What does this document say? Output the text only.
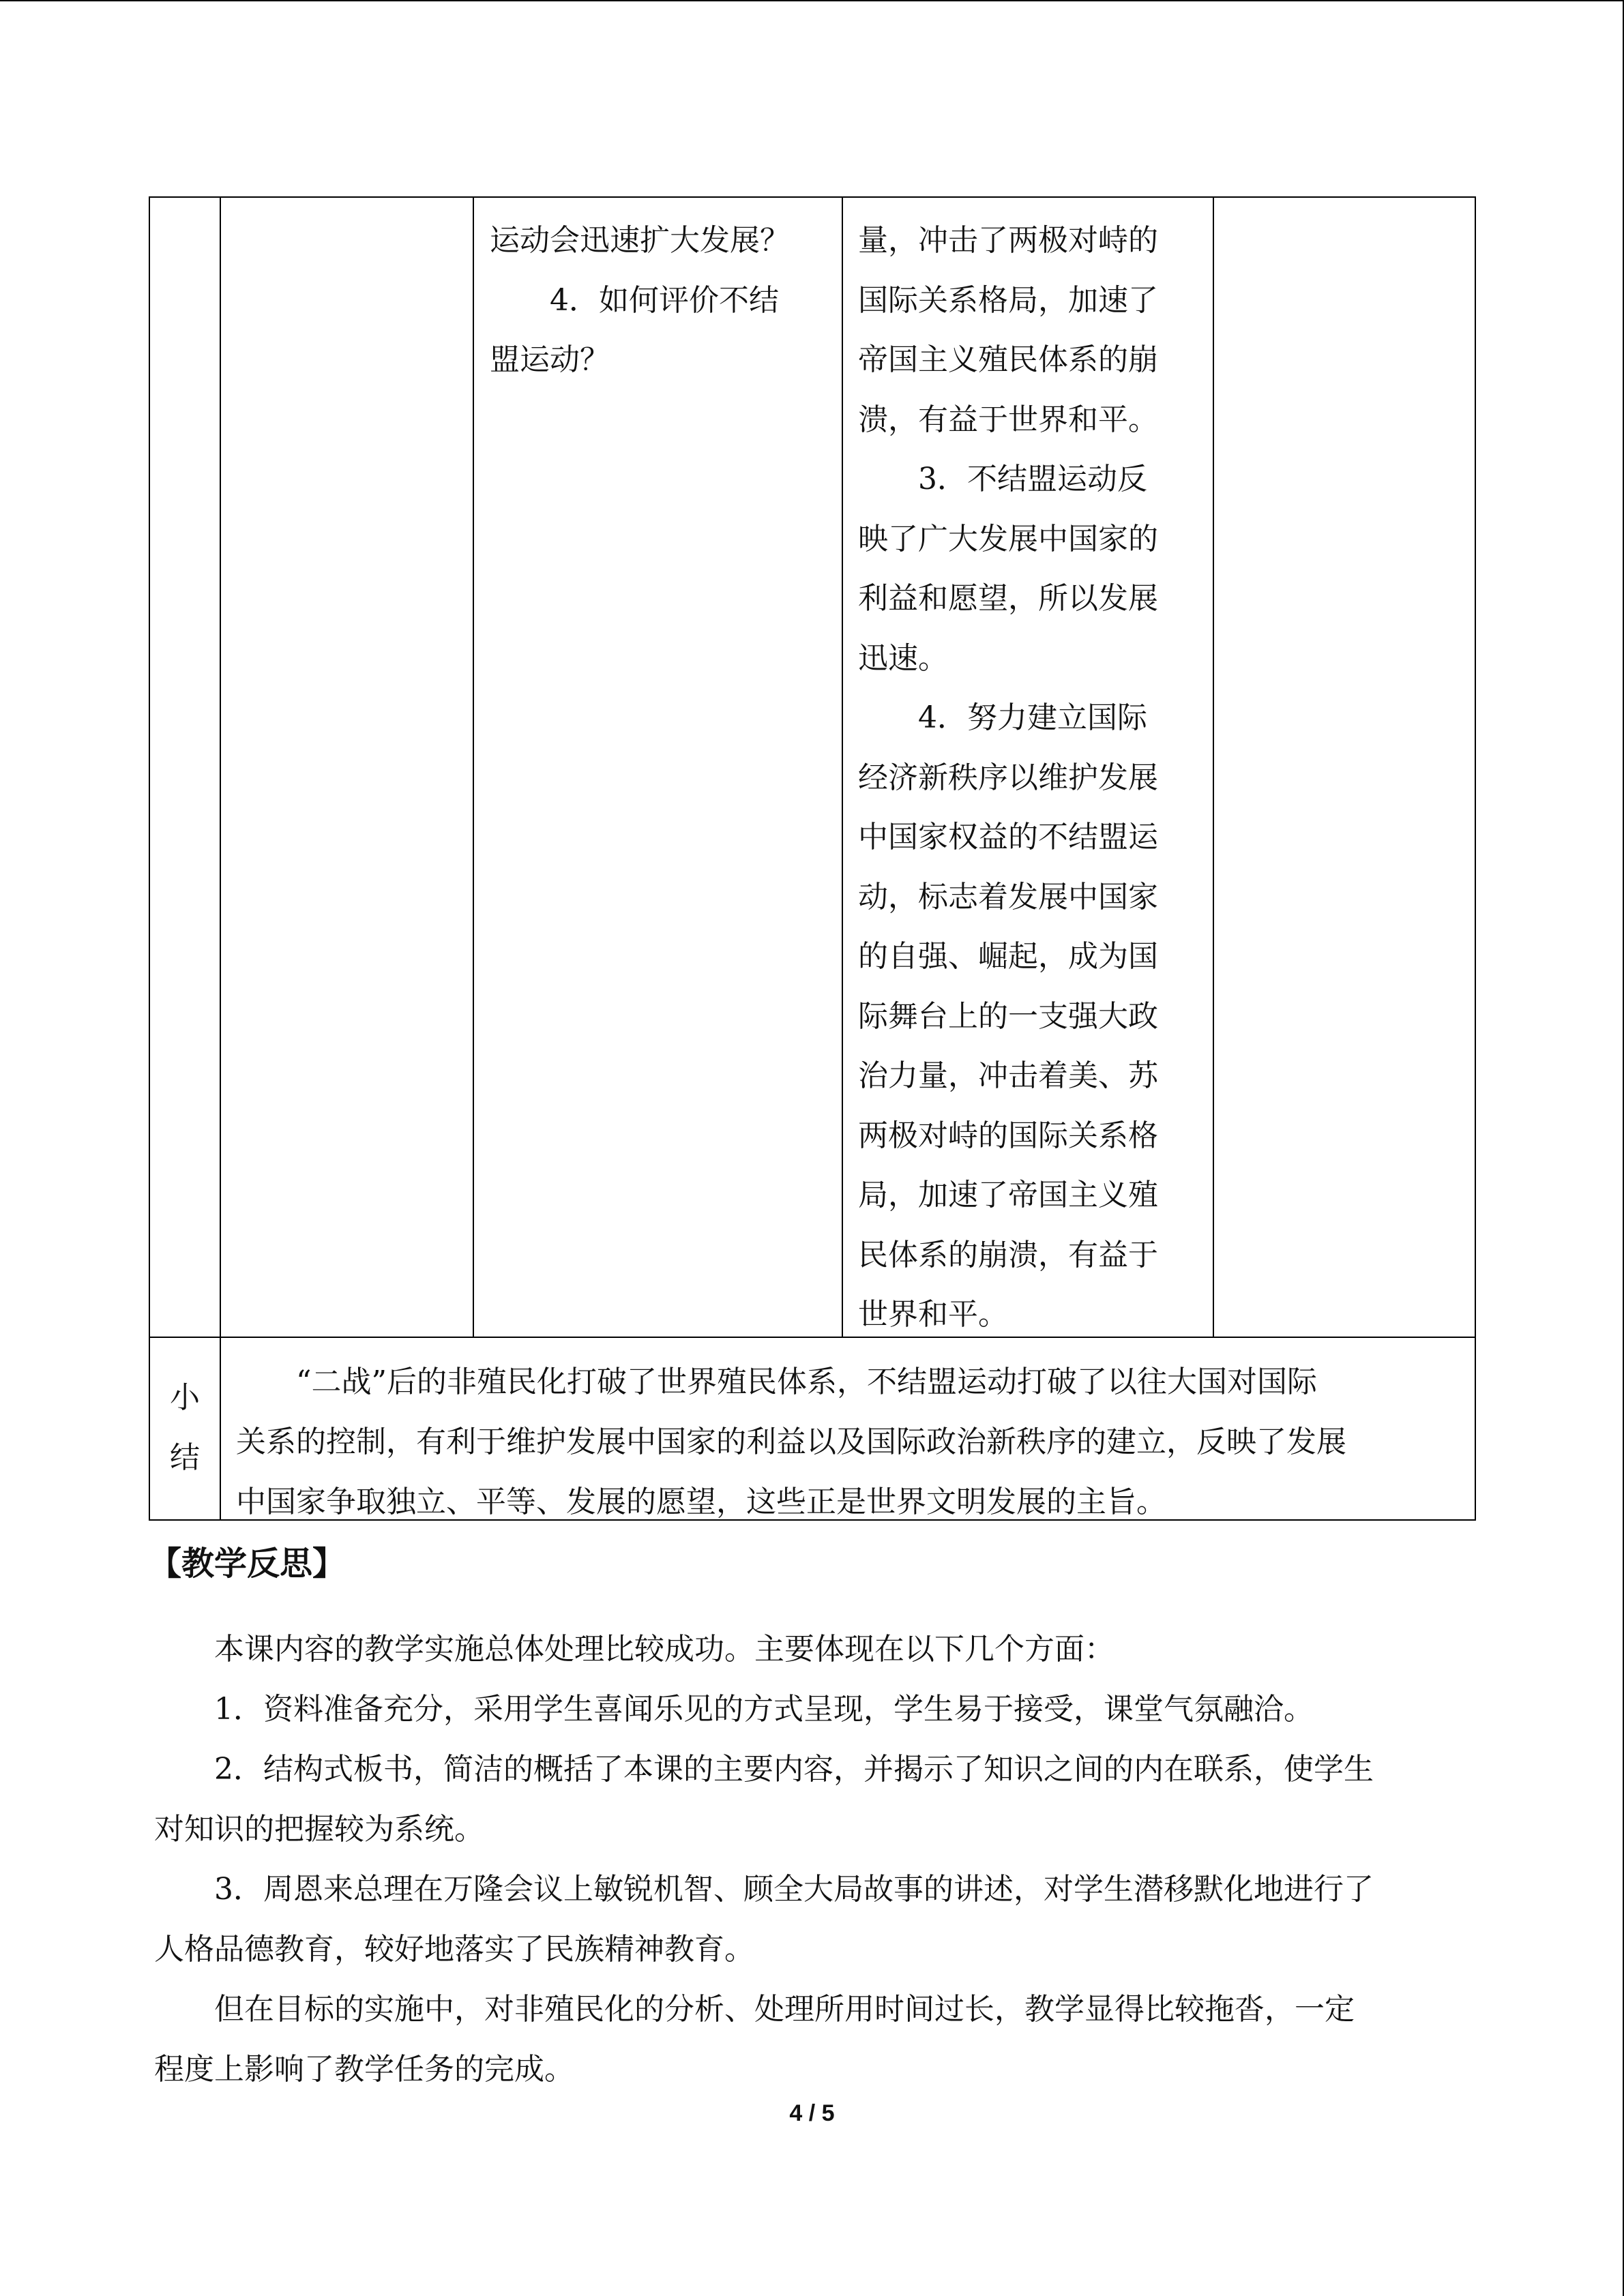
运动会迅速扩大发展？

4．如何评价不结

盟运动？

量，冲击了两极对峙的

国际关系格局，加速了

帝国主义殖民体系的崩

溃，有益于世界和平。

3．不结盟运动反

映了广大发展中国家的

利益和愿望，所以发展

迅速。

4．努力建立国际

经济新秩序以维护发展

中国家权益的不结盟运

动，标志着发展中国家

的自强、崛起，成为国

际舞台上的一支强大政

治力量，冲击着美、苏

两极对峙的国际关系格

局，加速了帝国主义殖

民体系的崩溃，有益于

世界和平。

小
结

“二战”后的非殖民化打破了世界殖民体系，不结盟运动打破了以往大国对国际

关系的控制，有利于维护发展中国家的利益以及国际政治新秩序的建立，反映了发展

中国家争取独立、平等、发展的愿望，这些正是世界文明发展的主旨。

【教学反思】

本课内容的教学实施总体处理比较成功。主要体现在以下几个方面：

1．资料准备充分，采用学生喜闻乐见的方式呈现，学生易于接受，课堂气氛融洽。

2．结构式板书，简洁的概括了本课的主要内容，并揭示了知识之间的内在联系，使学生

对知识的把握较为系统。

3．周恩来总理在万隆会议上敏锐机智、顾全大局故事的讲述，对学生潜移默化地进行了

人格品德教育，较好地落实了民族精神教育。

但在目标的实施中，对非殖民化的分析、处理所用时间过长，教学显得比较拖沓，一定

程度上影响了教学任务的完成。

4 / 5
